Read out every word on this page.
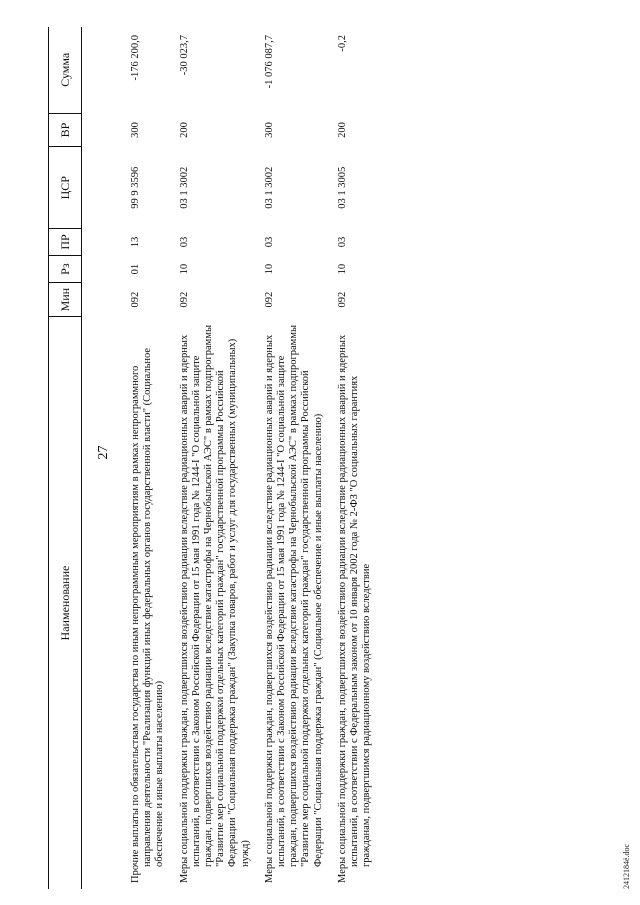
27
Наименование	Мин	Рз	ПР	ЦСР	ВР	Сумма
Прочие выплаты по обязательствам государства по иным непрограммным мероприятиям в рамках непрограммного направления деятельности "Реализация функций иных федеральных органов государственной власти" (Социальное обеспечение и иные выплаты населению)	092	01	13	99 9 3596	300	-176 200,0
Меры социальной поддержки граждан, подвергшихся воздействию радиации вследствие радиационных аварий и ядерных испытаний, в соответствии с Законом Российской Федерации от 15 мая 1991 года № 1244-I "О социальной защите граждан, подвергшихся воздействию радиации вследствие катастрофы на Чернобыльской АЭС" в рамках подпрограммы "Развитие мер социальной поддержки отдельных категорий граждан" государственной программы Российской Федерации "Социальная поддержка граждан" (Закупка товаров, работ и услуг для государственных (муниципальных) нужд)	092	10	03	03 1 3002	200	-30 023,7
Меры социальной поддержки граждан, подвергшихся воздействию радиации вследствие радиационных аварий и ядерных испытаний, в соответствии с Законом Российской Федерации от 15 мая 1991 года № 1244-I "О социальной защите граждан, подвергшихся воздействию радиации вследствие катастрофы на Чернобыльской АЭС" в рамках подпрограммы "Развитие мер социальной поддержки отдельных категорий граждан" государственной программы Российской Федерации "Социальная поддержка граждан" (Социальное обеспечение и иные выплаты населению)	092	10	03	03 1 3002	300	-1 076 087,7
Меры социальной поддержки граждан, подвергшихся воздействию радиации вследствие радиационных аварий и ядерных испытаний, в соответствии с Федеральным законом от 10 января 2002 года № 2-ФЗ "О социальных гарантиях гражданам, подвергшимся радиационному воздействию вследствие	092	10	03	03 1 3005	200	-0,2
2412184ё.doc
